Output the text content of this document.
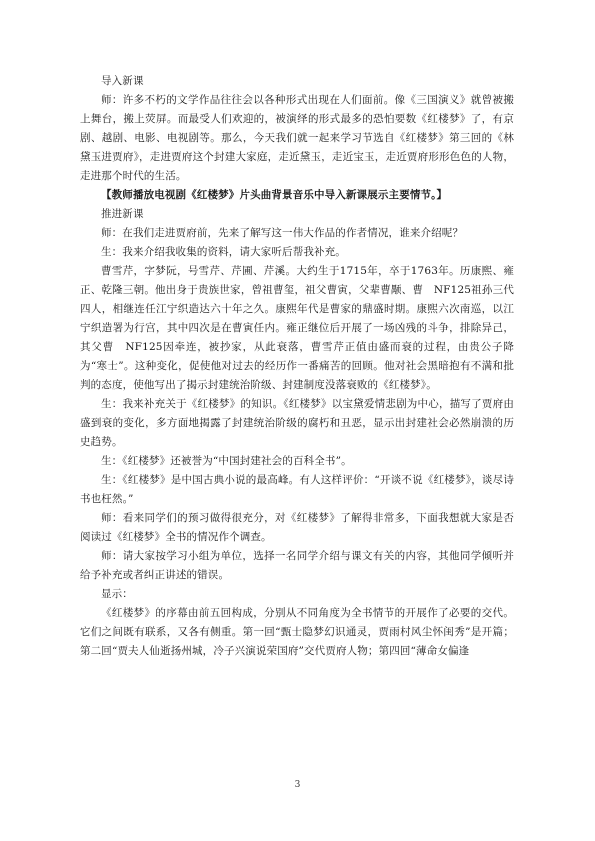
导入新课

师：许多不朽的文学作品往往会以各种形式出现在人们面前。像《三国演义》就曾被搬上舞台，搬上荧屏。而最受人们欢迎的，被演绎的形式最多的恐怕要数《红楼梦》了，有京剧、越剧、电影、电视剧等。那么，今天我们就一起来学习节选自《红楼梦》第三回的《林黛玉进贾府》，走进贾府这个封建大家庭，走近黛玉，走近宝玉，走近贾府形形色色的人物，走进那个时代的生活。

【教师播放电视剧《红楼梦》片头曲背景音乐中导入新课展示主要情节。】

推进新课

师：在我们走进贾府前，先来了解写这一伟大作品的作者情况，谁来介绍呢？

生：我来介绍我收集的资料，请大家听后帮我补充。

曹雪芹，字梦阮，号雪芹、芹圃、芹溪。大约生于1715年，卒于1763年。历康熙、雍正、乾隆三朝。他出身于贵族世家，曾祖曹玺，祖父曹寅，父辈曹颙、曹　NF125祖孙三代四人，相继连任江宁织造达六十年之久。康熙年代是曹家的鼎盛时期。康熙六次南巡，以江宁织造署为行宫，其中四次是在曹寅任内。雍正继位后开展了一场凶残的斗争，排除异己，其父曹　NF125因牵连，被抄家，从此衰落，曹雪芹正值由盛而衰的过程，由贵公子降为“寒士”。这种变化，促使他对过去的经历作一番痛苦的回顾。他对社会黑暗抱有不满和批判的态度，使他写出了揭示封建统治阶级、封建制度没落衰败的《红楼梦》。

生：我来补充关于《红楼梦》的知识。《红楼梦》以宝黛爱情悲剧为中心，描写了贾府由盛到衰的变化，多方面地揭露了封建统治阶级的腐朽和丑恶，显示出封建社会必然崩溃的历史趋势。

生：《红楼梦》还被誉为“中国封建社会的百科全书”。

生：《红楼梦》是中国古典小说的最高峰。有人这样评价：“开谈不说《红楼梦》，谈尽诗书也枉然。”

师：看来同学们的预习做得很充分，对《红楼梦》了解得非常多，下面我想就大家是否阅读过《红楼梦》全书的情况作个调查。

师：请大家按学习小组为单位，选择一名同学介绍与课文有关的内容，其他同学倾听并给予补充或者纠正讲述的错误。

显示：

《红楼梦》的序幕由前五回构成，分别从不同角度为全书情节的开展作了必要的交代。它们之间既有联系，又各有侧重。第一回“甄士隐梦幻识通灵，贾雨村风尘怀闺秀”是开篇；第二回“贾夫人仙逝扬州城，冷子兴演说荣国府”交代贾府人物；第四回“薄命女偏逢

3
